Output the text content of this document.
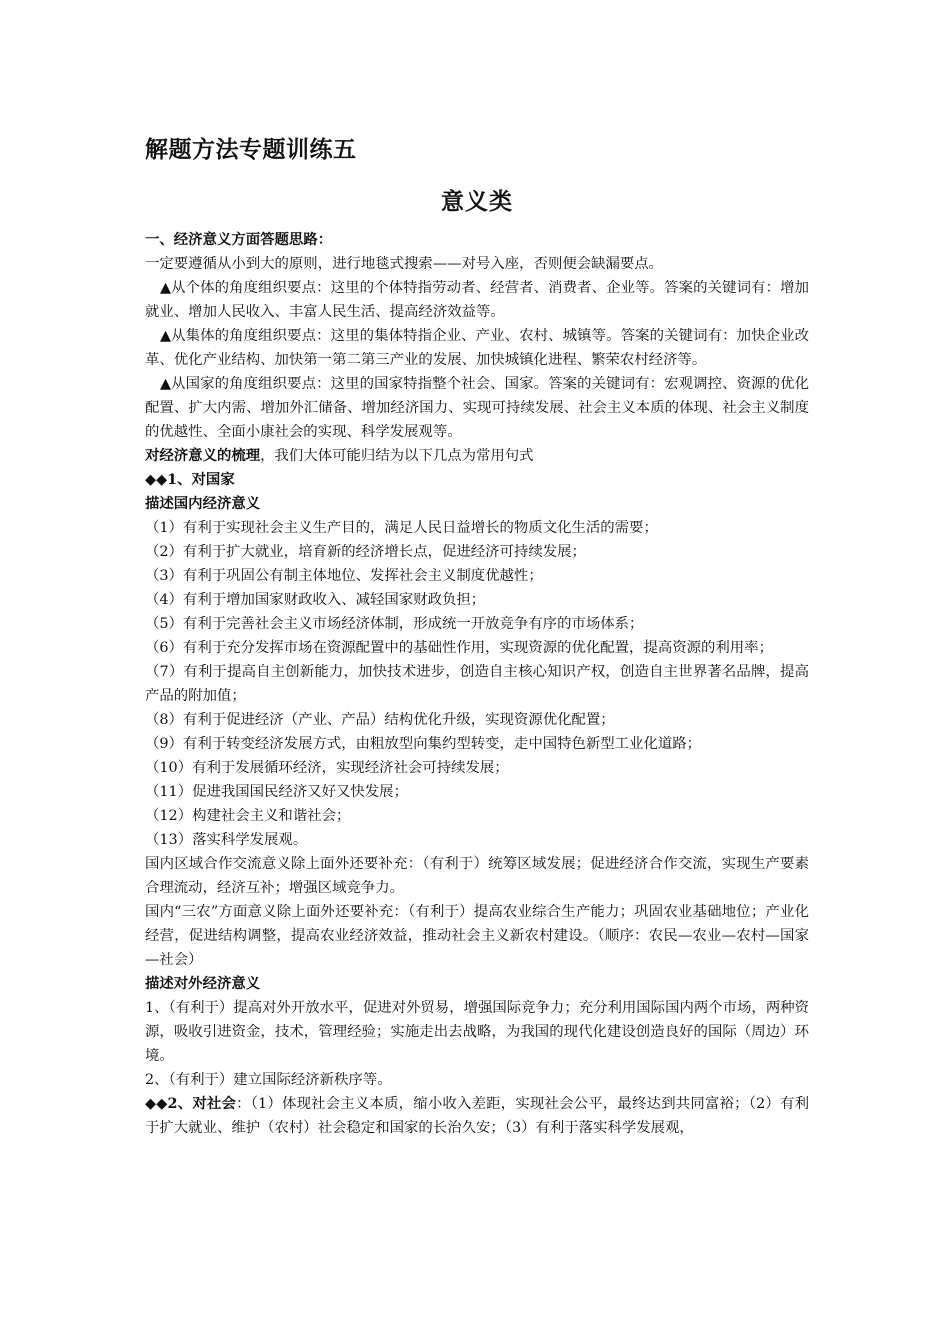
解题方法专题训练五
意义类

一、经济意义方面答题思路：

一定要遵循从小到大的原则，进行地毯式搜索——对号入座，否则便会缺漏要点。

▲从个体的角度组织要点：这里的个体特指劳动者、经营者、消费者、企业等。答案的关键词有：增加就业、增加人民收入、丰富人民生活、提高经济效益等。

▲从集体的角度组织要点：这里的集体特指企业、产业、农村、城镇等。答案的关键词有：加快企业改革、优化产业结构、加快第一第二第三产业的发展、加快城镇化进程、繁荣农村经济等。

▲从国家的角度组织要点：这里的国家特指整个社会、国家。答案的关键词有：宏观调控、资源的优化配置、扩大内需、增加外汇储备、增加经济国力、实现可持续发展、社会主义本质的体现、社会主义制度的优越性、全面小康社会的实现、科学发展观等。

对经济意义的梳理，我们大体可能归结为以下几点为常用句式

◆◆1、对国家

描述国内经济意义

（1）有利于实现社会主义生产目的，满足人民日益增长的物质文化生活的需要；

（2）有利于扩大就业，培育新的经济增长点，促进经济可持续发展；

（3）有利于巩固公有制主体地位、发挥社会主义制度优越性；

（4）有利于增加国家财政收入、减轻国家财政负担；

（5）有利于完善社会主义市场经济体制，形成统一开放竞争有序的市场体系；

（6）有利于充分发挥市场在资源配置中的基础性作用，实现资源的优化配置，提高资源的利用率；

（7）有利于提高自主创新能力，加快技术进步，创造自主核心知识产权，创造自主世界著名品牌，提高产品的附加值；

（8）有利于促进经济（产业、产品）结构优化升级，实现资源优化配置；

（9）有利于转变经济发展方式，由粗放型向集约型转变，走中国特色新型工业化道路；

（10）有利于发展循环经济，实现经济社会可持续发展；

（11）促进我国国民经济又好又快发展；

（12）构建社会主义和谐社会；

（13）落实科学发展观。

国内区域合作交流意义除上面外还要补充：（有利于）统筹区域发展；促进经济合作交流，实现生产要素合理流动，经济互补；增强区域竞争力。

国内“三农”方面意义除上面外还要补充：（有利于）提高农业综合生产能力；巩固农业基础地位；产业化经营，促进结构调整，提高农业经济效益，推动社会主义新农村建设。（顺序：农民—农业—农村—国家—社会）

描述对外经济意义

1、（有利于）提高对外开放水平，促进对外贸易，增强国际竞争力；充分利用国际国内两个市场，两种资源，吸收引进资金，技术，管理经验；实施走出去战略，为我国的现代化建设创造良好的国际（周边）环境。

2、（有利于）建立国际经济新秩序等。

◆◆2、对社会：（1）体现社会主义本质，缩小收入差距，实现社会公平，最终达到共同富裕；（2）有利于扩大就业、维护（农村）社会稳定和国家的长治久安；（3）有利于落实科学发展观，
